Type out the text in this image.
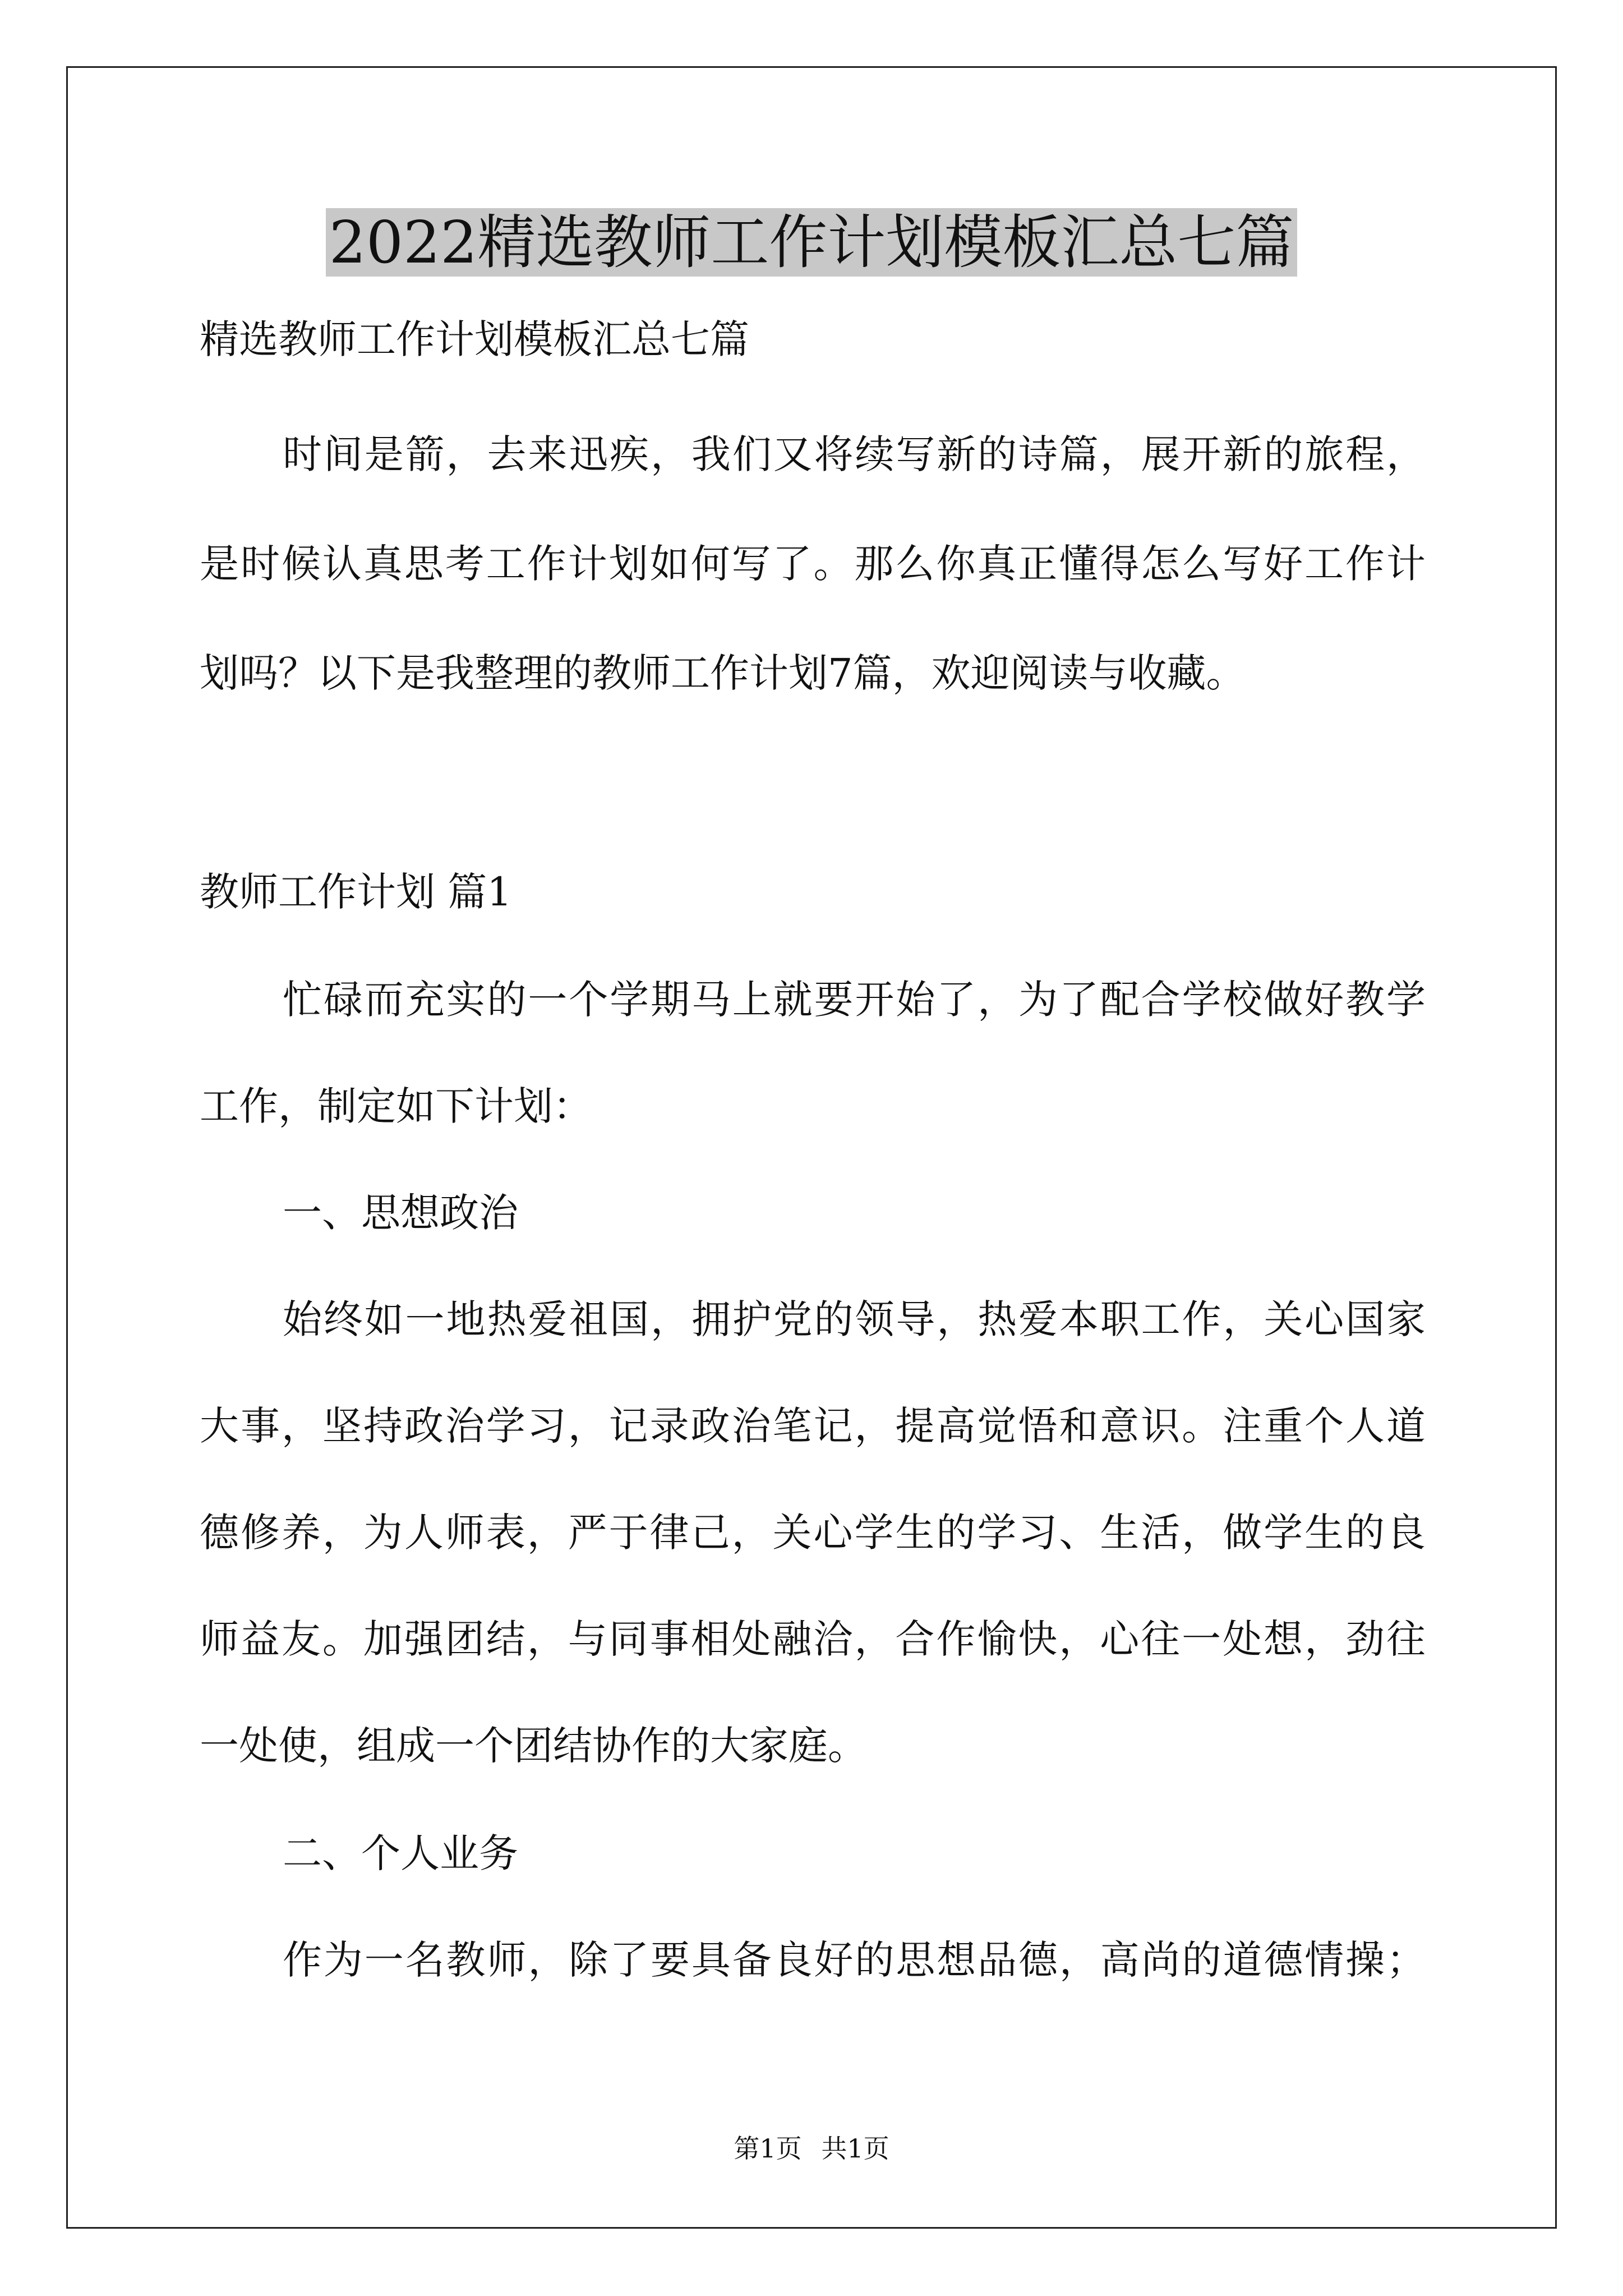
2022精选教师工作计划模板汇总七篇

精选教师工作计划模板汇总七篇

时间是箭，去来迅疾，我们又将续写新的诗篇，展开新的旅程，

是时候认真思考工作计划如何写了。那么你真正懂得怎么写好工作计

划吗？以下是我整理的教师工作计划7篇，欢迎阅读与收藏。

教师工作计划 篇1

忙碌而充实的一个学期马上就要开始了，为了配合学校做好教学

工作，制定如下计划：

一、思想政治

始终如一地热爱祖国，拥护党的领导，热爱本职工作，关心国家

大事，坚持政治学习，记录政治笔记，提高觉悟和意识。注重个人道

德修养，为人师表，严于律己，关心学生的学习、生活，做学生的良

师益友。加强团结，与同事相处融洽，合作愉快，心往一处想，劲往

一处使，组成一个团结协作的大家庭。

二、个人业务

作为一名教师，除了要具备良好的思想品德，高尚的道德情操；

第1页 共1页
